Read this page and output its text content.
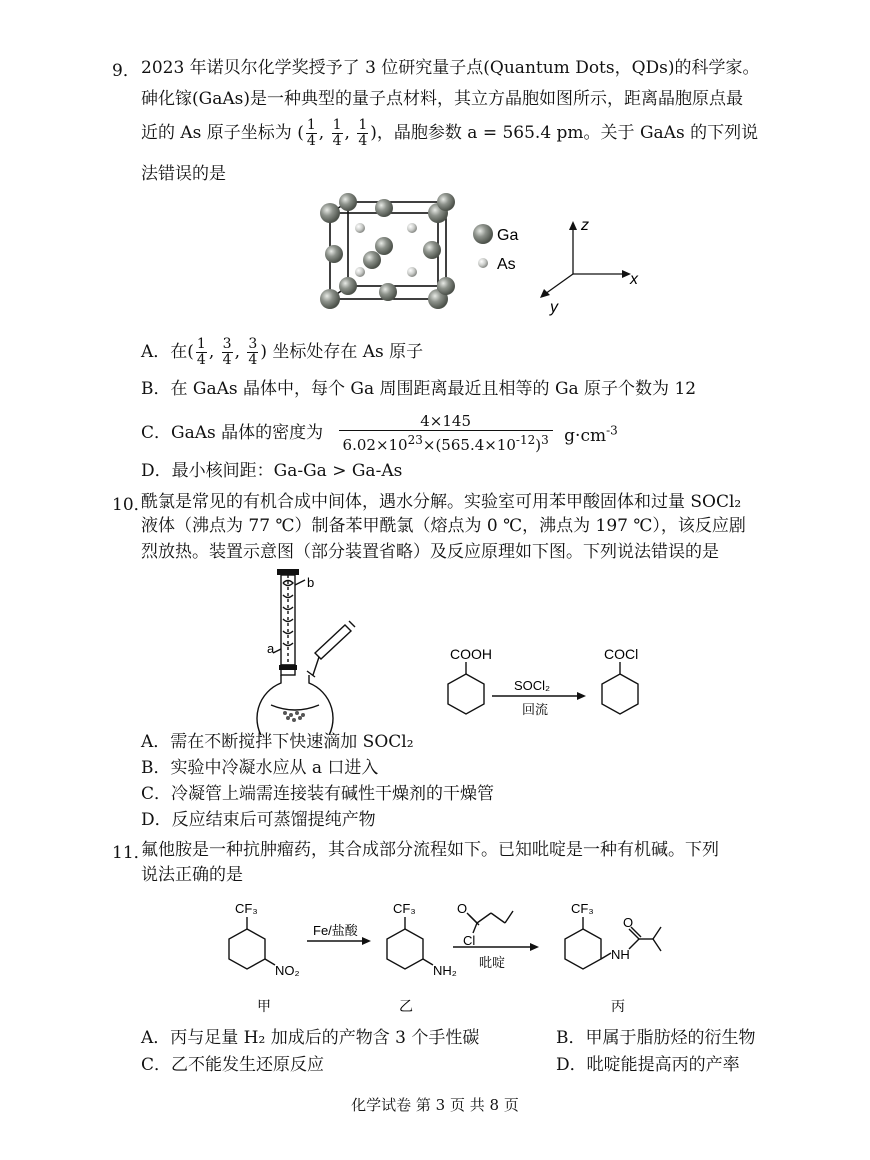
9． 2023 年诺贝尔化学奖授予了 3 位研究量子点(Quantum Dots，QDs)的科学家。
砷化镓(GaAs)是一种典型的量子点材料，其立方晶胞如图所示，距离晶胞原点最
近的 As 原子坐标为 ( $\frac{1}{4}$ , $\frac{1}{4}$ , $\frac{1}{4}$ )，晶胞参数 a = 565.4 pm。关于 GaAs 的下列说
法错误的是
Ga
As
z
x
y
A．在( $\frac{1}{4}$ , $\frac{3}{4}$ , $\frac{3}{4}$ ) 坐标处存在 As 原子
B．在 GaAs 晶体中，每个 Ga 周围距离最近且相等的 Ga 原子个数为 12
C．GaAs 晶体的密度为 $\frac{4\times 145}{6.02\times 10^{23}\times(565.4\times 10^{-12})^3} g\cdot cm^{-3}$
D．最小核间距：Ga-Ga > Ga-As
10．
酰氯是常见的有机合成中间体，遇水分解。实验室可用苯甲酸固体和过量 SOCl₂
液体（沸点为 77 ℃）制备苯甲酰氯（熔点为 0 ℃，沸点为 197 ℃），该反应剧
烈放热。装置示意图（部分装置省略）及反应原理如下图。下列说法错误的是
a
b
COOH	COCl
SOCl₂
回流
A．需在不断搅拌下快速滴加 SOCl₂
B．实验中冷凝水应从 a 口进入
C．冷凝管上端需连接装有碱性干燥剂的干燥管
D．反应结束后可蒸馏提纯产物
11．
氟他胺是一种抗肿瘤药，其合成部分流程如下。已知吡啶是一种有机碱。下列
说法正确的是
CF₃
NO₂
Fe/盐酸
CF₃
NH₂
O
Cl
吡啶
CF₃
NH
O
甲	乙	丙
A．丙与足量 H₂ 加成后的产物含 3 个手性碳	B．甲属于脂肪烃的衍生物
C．乙不能发生还原反应	D．吡啶能提高丙的产率
化学试卷 第 3 页 共 8 页
